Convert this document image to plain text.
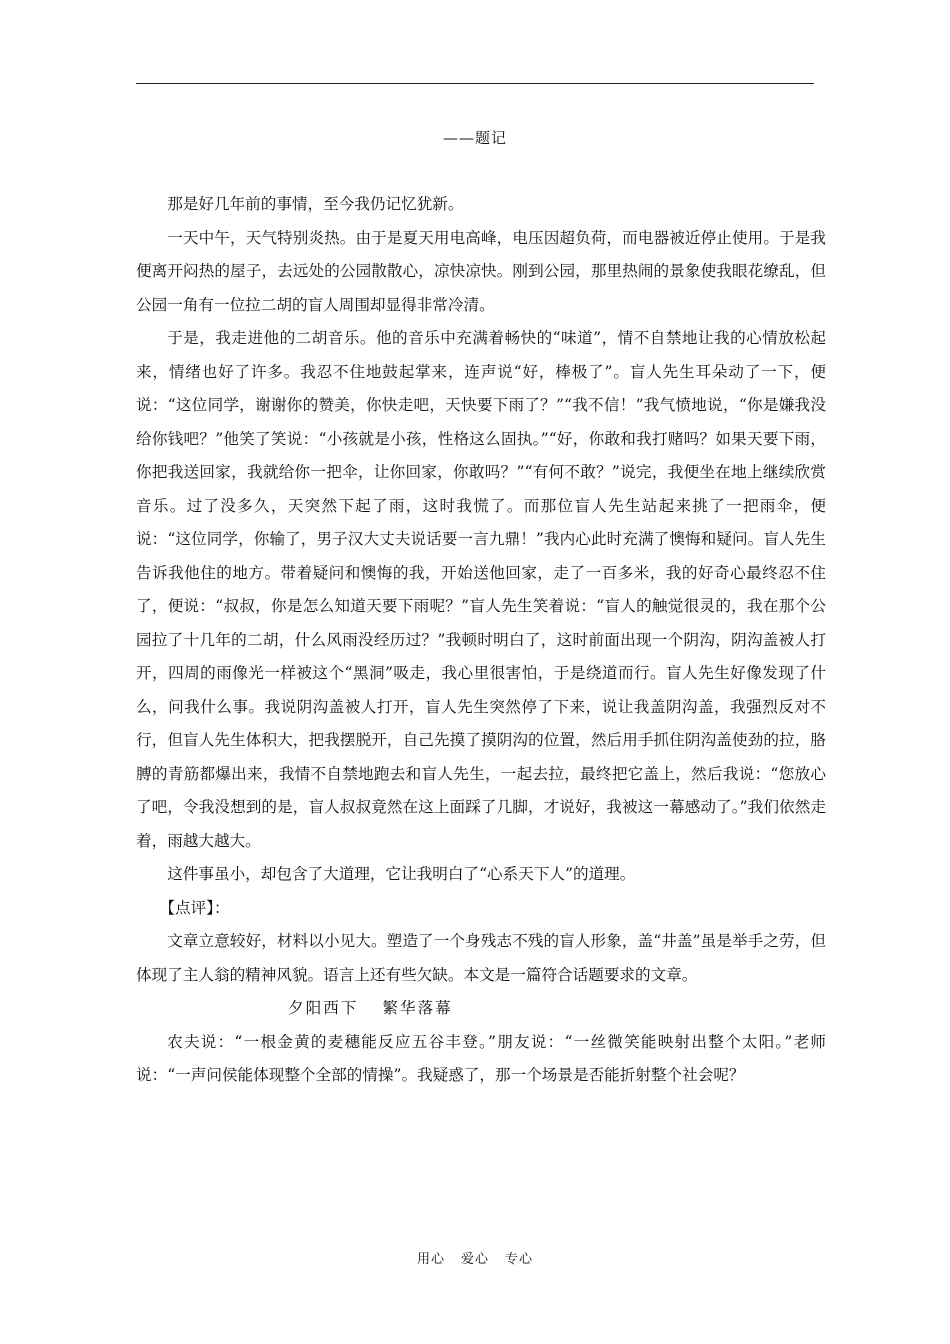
——题记

那是好几年前的事情，至今我仍记忆犹新。

一天中午，天气特别炎热。由于是夏天用电高峰，电压因超负荷，而电器被近停止使用。于是我便离开闷热的屋子，去远处的公园散散心，凉快凉快。刚到公园，那里热闹的景象使我眼花缭乱，但公园一角有一位拉二胡的盲人周围却显得非常冷清。

于是，我走进他的二胡音乐。他的音乐中充满着畅快的“味道”，情不自禁地让我的心情放松起来，情绪也好了许多。我忍不住地鼓起掌来，连声说“好，棒极了”。盲人先生耳朵动了一下，便说：“这位同学，谢谢你的赞美，你快走吧，天快要下雨了？”“我不信！”我气愤地说，“你是嫌我没给你钱吧？”他笑了笑说：“小孩就是小孩，性格这么固执。”“好，你敢和我打赌吗？如果天要下雨，你把我送回家，我就给你一把伞，让你回家，你敢吗？”“有何不敢？”说完，我便坐在地上继续欣赏音乐。过了没多久，天突然下起了雨，这时我慌了。而那位盲人先生站起来挑了一把雨伞，便说：“这位同学，你输了，男子汉大丈夫说话要一言九鼎！”我内心此时充满了懊悔和疑问。盲人先生告诉我他住的地方。带着疑问和懊悔的我，开始送他回家，走了一百多米，我的好奇心最终忍不住了，便说：“叔叔，你是怎么知道天要下雨呢？”盲人先生笑着说：“盲人的触觉很灵的，我在那个公园拉了十几年的二胡，什么风雨没经历过？”我顿时明白了，这时前面出现一个阴沟，阴沟盖被人打开，四周的雨像光一样被这个“黑洞”吸走，我心里很害怕，于是绕道而行。盲人先生好像发现了什么，问我什么事。我说阴沟盖被人打开，盲人先生突然停了下来，说让我盖阴沟盖，我强烈反对不行，但盲人先生体积大，把我摆脱开，自己先摸了摸阴沟的位置，然后用手抓住阴沟盖使劲的拉，胳膊的青筋都爆出来，我情不自禁地跑去和盲人先生，一起去拉，最终把它盖上，然后我说：“您放心了吧，令我没想到的是，盲人叔叔竟然在这上面踩了几脚，才说好，我被这一幕感动了。”我们依然走着，雨越大越大。

这件事虽小，却包含了大道理，它让我明白了“心系天下人”的道理。

【点评】：

文章立意较好，材料以小见大。塑造了一个身残志不残的盲人形象，盖“井盖”虽是举手之劳，但体现了主人翁的精神风貌。语言上还有些欠缺。本文是一篇符合话题要求的文章。

夕阳西下 繁华落幕

农夫说：“一根金黄的麦穗能反应五谷丰登。”朋友说：“一丝微笑能映射出整个太阳。”老师说：“一声问侯能体现整个全部的情操”。我疑惑了，那一个场景是否能折射整个社会呢？

用心 爱心 专心
